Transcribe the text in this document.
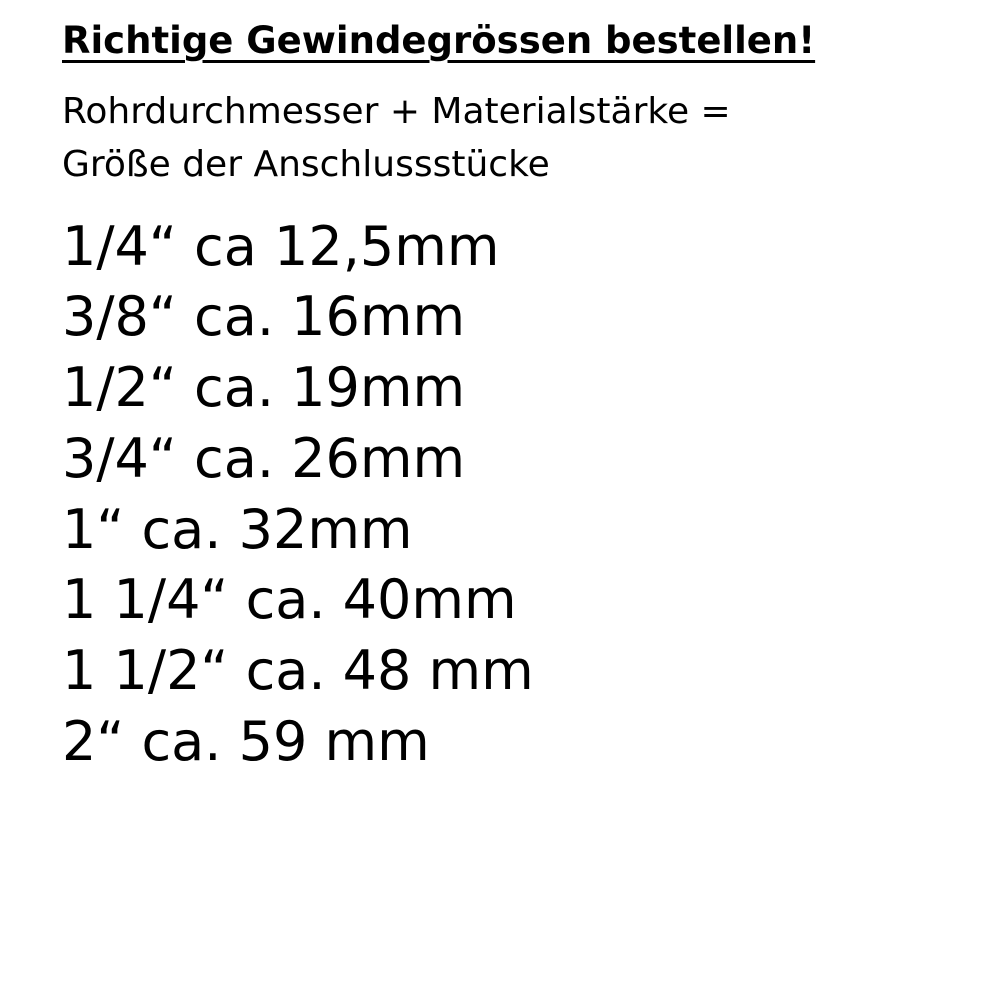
Richtige Gewindegrössen bestellen!
Rohrdurchmesser + Materialstärke =
Größe der Anschlussstücke
1/4“ ca 12,5mm
3/8“ ca. 16mm
1/2“ ca. 19mm
3/4“ ca. 26mm
1“ ca. 32mm
1 1/4“ ca. 40mm
1 1/2“ ca. 48 mm
2“ ca. 59 mm
